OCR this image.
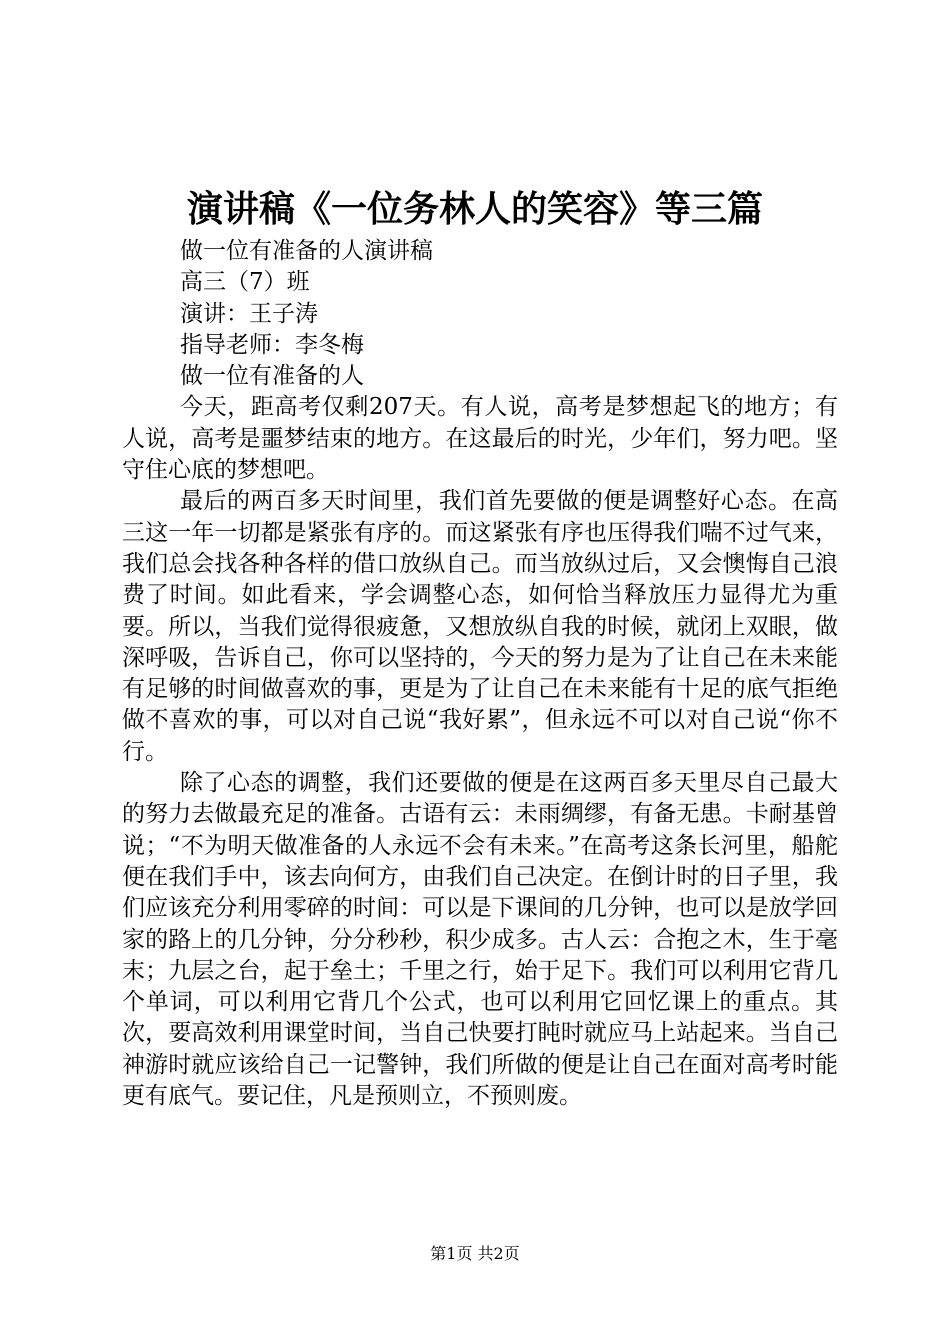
演讲稿《一位务林人的笑容》等三篇

做一位有准备的人演讲稿

高三（7）班

演讲：王子涛

指导老师：李冬梅

做一位有准备的人

今天，距高考仅剩207天。有人说，高考是梦想起飞的地方；有人说，高考是噩梦结束的地方。在这最后的时光，少年们，努力吧。坚守住心底的梦想吧。

最后的两百多天时间里，我们首先要做的便是调整好心态。在高三这一年一切都是紧张有序的。而这紧张有序也压得我们喘不过气来，我们总会找各种各样的借口放纵自己。而当放纵过后，又会懊悔自己浪费了时间。如此看来，学会调整心态，如何恰当释放压力显得尤为重要。所以，当我们觉得很疲惫，又想放纵自我的时候，就闭上双眼，做深呼吸，告诉自己，你可以坚持的，今天的努力是为了让自己在未来能有足够的时间做喜欢的事，更是为了让自己在未来能有十足的底气拒绝做不喜欢的事，可以对自己说“我好累”，但永远不可以对自己说“你不行。

除了心态的调整，我们还要做的便是在这两百多天里尽自己最大的努力去做最充足的准备。古语有云：未雨绸缪，有备无患。卡耐基曾说；“不为明天做准备的人永远不会有未来。”在高考这条长河里，船舵便在我们手中，该去向何方，由我们自己决定。在倒计时的日子里，我们应该充分利用零碎的时间：可以是下课间的几分钟，也可以是放学回家的路上的几分钟，分分秒秒，积少成多。古人云：合抱之木，生于毫末；九层之台，起于垒土；千里之行，始于足下。我们可以利用它背几个单词，可以利用它背几个公式，也可以利用它回忆课上的重点。其次，要高效利用课堂时间，当自己快要打盹时就应马上站起来。当自己神游时就应该给自己一记警钟，我们所做的便是让自己在面对高考时能更有底气。要记住，凡是预则立，不预则废。

第1页 共2页
